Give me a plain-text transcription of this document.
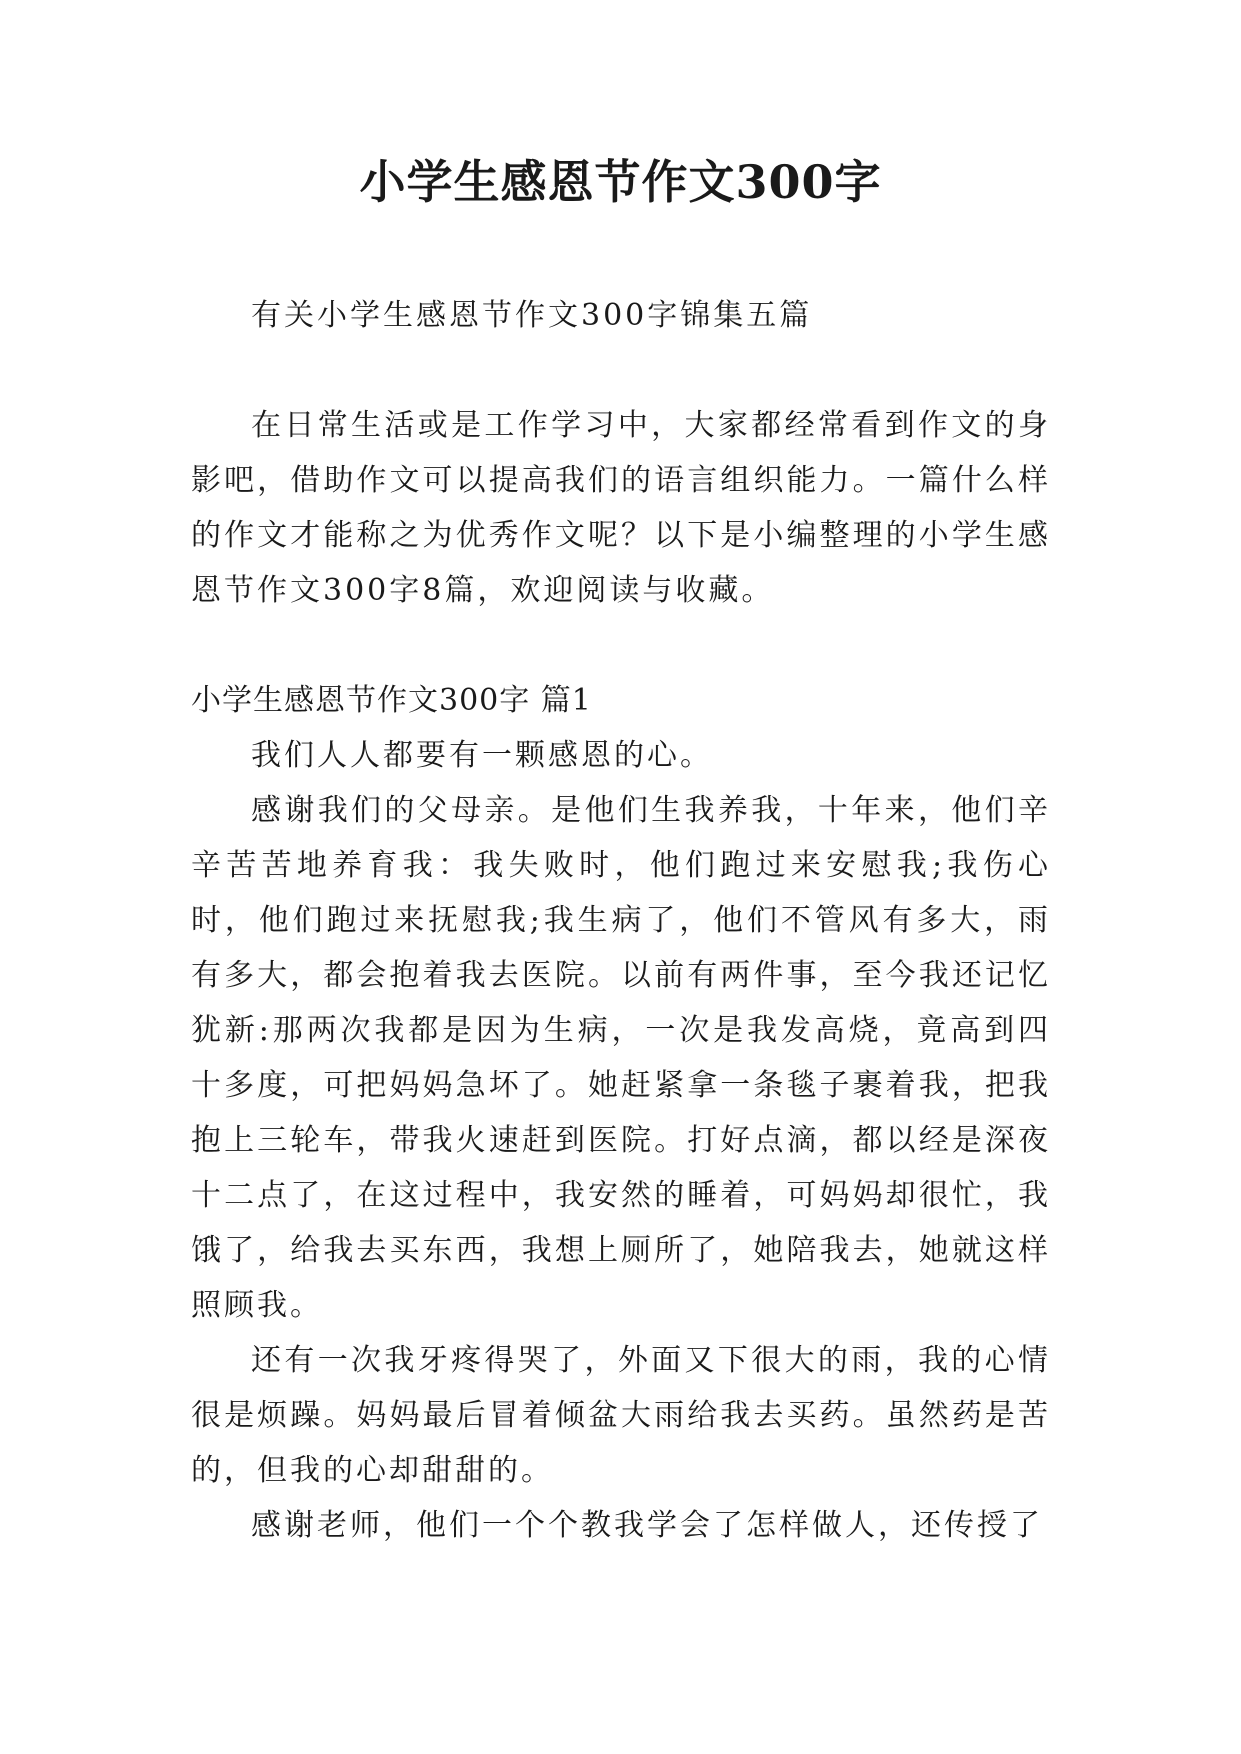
小学生感恩节作文300字

有关小学生感恩节作文300字锦集五篇

在日常生活或是工作学习中，大家都经常看到作文的身影吧，借助作文可以提高我们的语言组织能力。一篇什么样的作文才能称之为优秀作文呢？以下是小编整理的小学生感恩节作文300字8篇，欢迎阅读与收藏。

小学生感恩节作文300字 篇1

我们人人都要有一颗感恩的心。

感谢我们的父母亲。是他们生我养我，十年来，他们辛辛苦苦地养育我：我失败时，他们跑过来安慰我;我伤心时，他们跑过来抚慰我;我生病了，他们不管风有多大，雨有多大，都会抱着我去医院。以前有两件事，至今我还记忆犹新:那两次我都是因为生病，一次是我发高烧，竟高到四十多度，可把妈妈急坏了。她赶紧拿一条毯子裹着我，把我抱上三轮车，带我火速赶到医院。打好点滴，都以经是深夜十二点了，在这过程中，我安然的睡着，可妈妈却很忙，我饿了，给我去买东西，我想上厕所了，她陪我去，她就这样照顾我。

还有一次我牙疼得哭了，外面又下很大的雨，我的心情很是烦躁。妈妈最后冒着倾盆大雨给我去买药。虽然药是苦的，但我的心却甜甜的。

感谢老师，他们一个个教我学会了怎样做人，还传授了
